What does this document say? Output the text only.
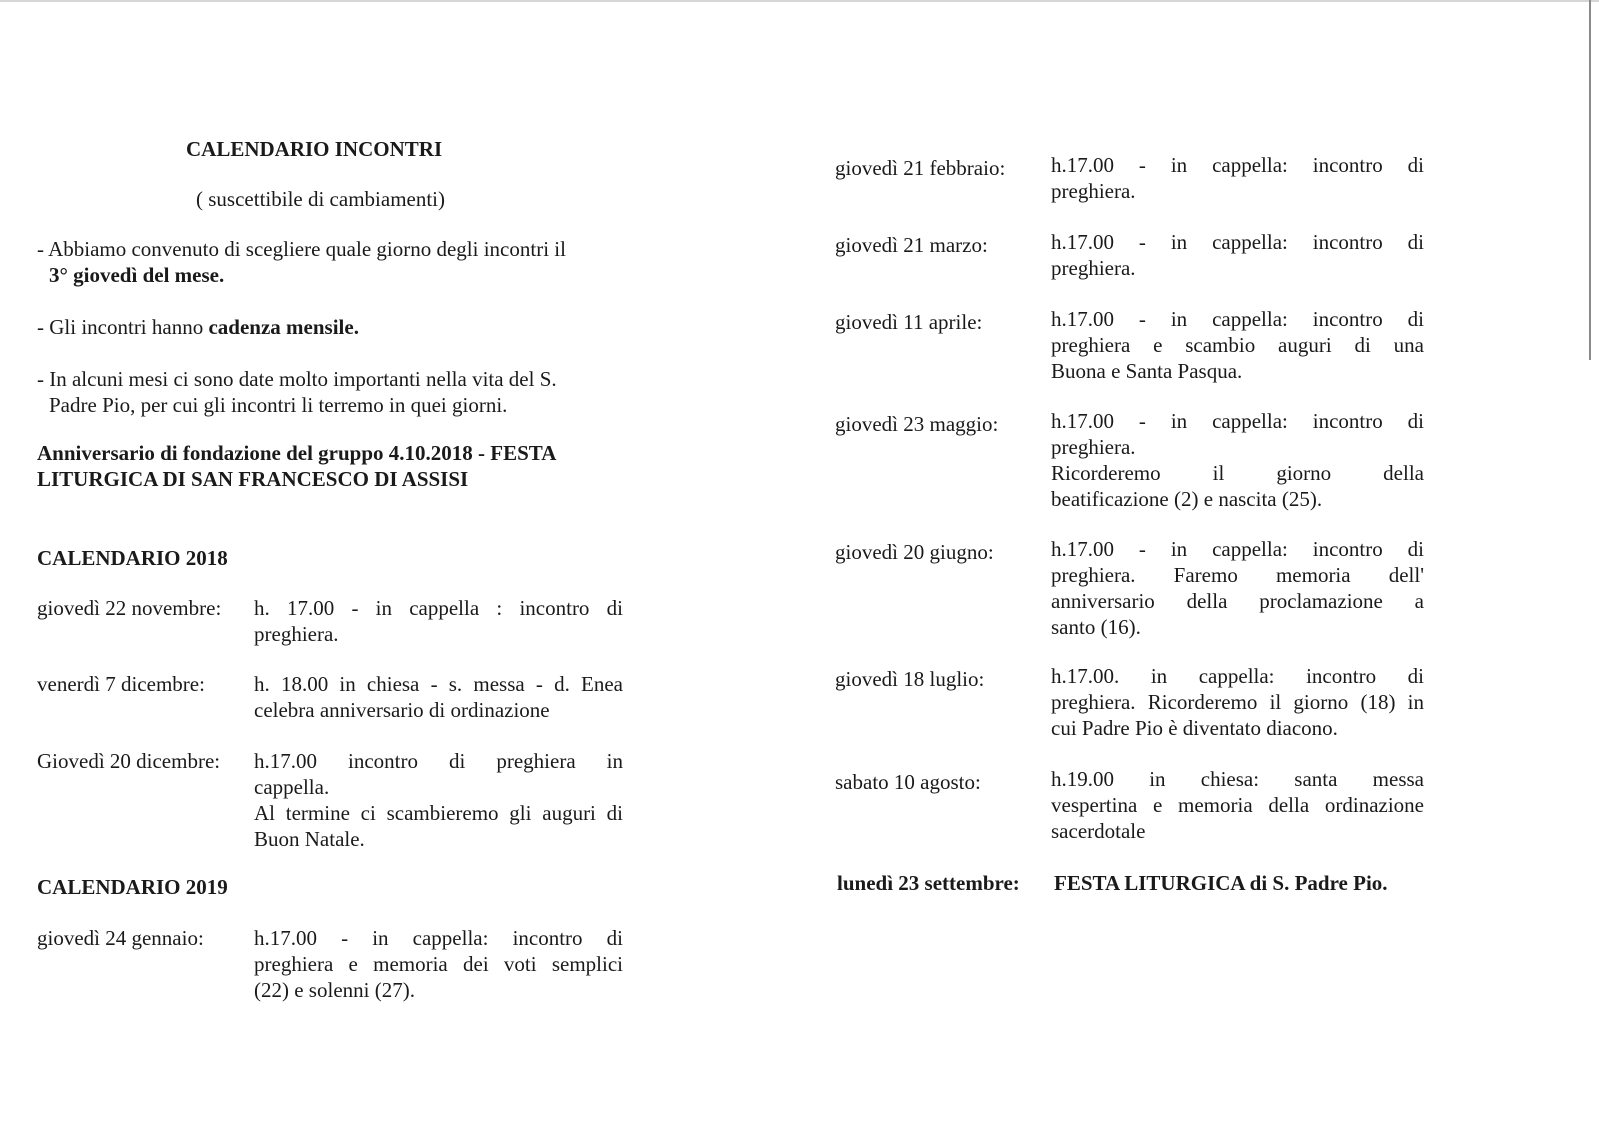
CALENDARIO INCONTRI
( suscettibile di cambiamenti)
- Abbiamo convenuto di scegliere quale giorno degli incontri il
3° giovedì del mese.
- Gli incontri hanno cadenza mensile.
- In alcuni mesi ci sono date molto importanti nella vita del S.
Padre Pio, per cui gli incontri li terremo in quei giorni.
Anniversario di fondazione del gruppo 4.10.2018 - FESTA
LITURGICA DI SAN FRANCESCO DI ASSISI
CALENDARIO 2018
giovedì 22 novembre: h. 17.00 - in cappella : incontro di
preghiera.
venerdì 7 dicembre: h. 18.00 in chiesa - s. messa - d. Enea
celebra anniversario di ordinazione
Giovedì 20 dicembre: h.17.00 incontro di preghiera in
cappella.
Al termine ci scambieremo gli auguri di
Buon Natale.
CALENDARIO 2019
giovedì 24 gennaio: h.17.00 - in cappella: incontro di
preghiera e memoria dei voti semplici
(22) e solenni (27).
giovedì 21 febbraio: h.17.00 - in cappella: incontro di
preghiera.
giovedì 21 marzo:	h.17.00 - in cappella: incontro di
preghiera.
giovedì 11 aprile:	h.17.00 - in cappella: incontro di
preghiera e scambio auguri di una
Buona e Santa Pasqua.
giovedì 23 maggio:	h.17.00 - in cappella: incontro di
preghiera.
Ricorderemo il giorno della
beatificazione (2) e nascita (25).
giovedì 20 giugno:	h.17.00 - in cappella: incontro di
preghiera. Faremo memoria dell'
anniversario della proclamazione a
santo (16).
giovedì 18 luglio:	h.17.00. in cappella: incontro di
preghiera. Ricorderemo il giorno (18) in
cui Padre Pio è diventato diacono.
sabato 10 agosto:	h.19.00 in chiesa: santa messa
vespertina e memoria della ordinazione
sacerdotale
lunedì 23 settembre: FESTA LITURGICA di S. Padre Pio.
